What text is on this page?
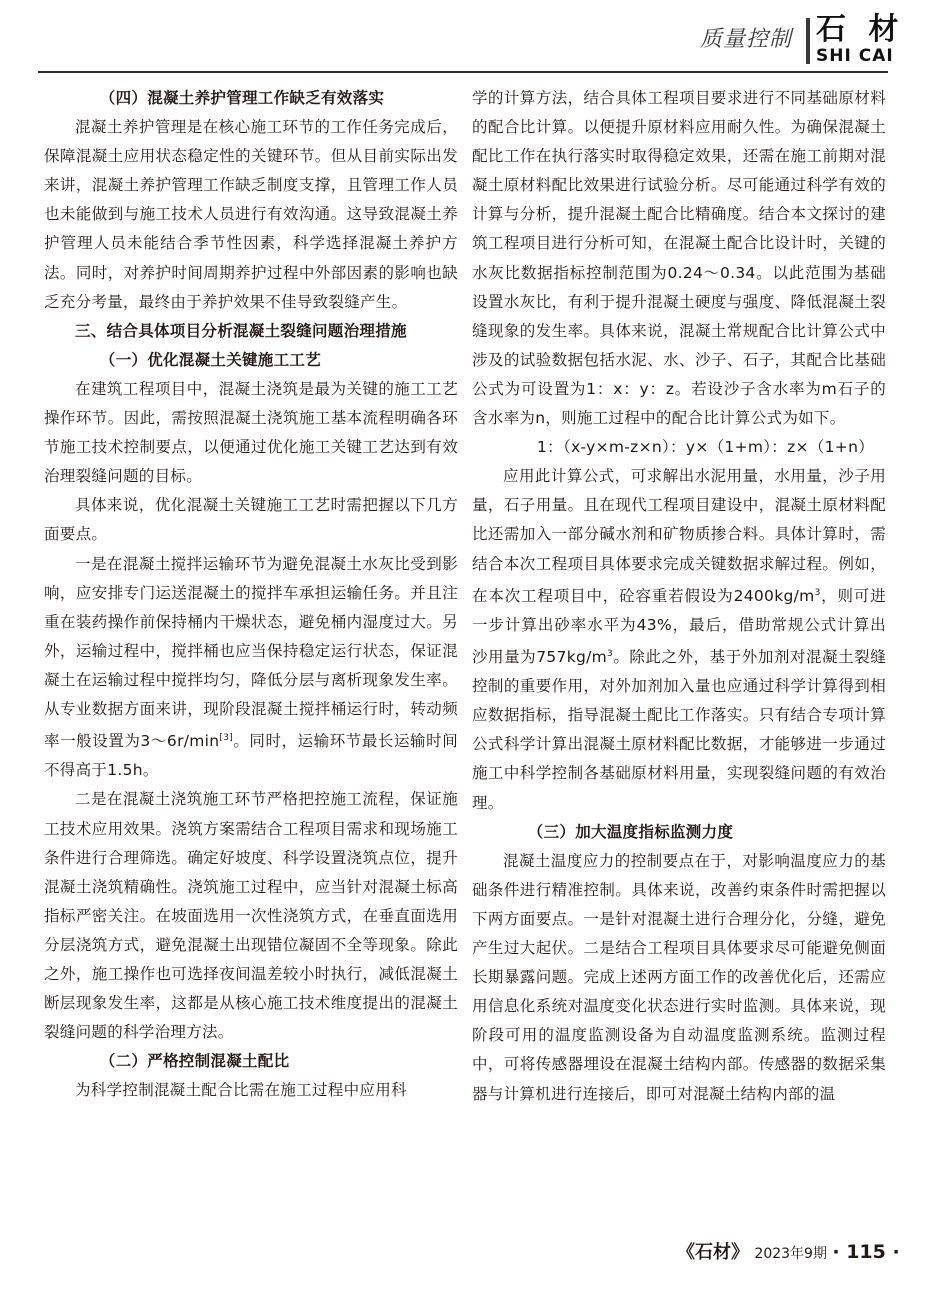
质量控制 石 材
SHI CAI

（四）混凝土养护管理工作缺乏有效落实

混凝土养护管理是在核心施工环节的工作任务完成后，保障混凝土应用状态稳定性的关键环节。但从目前实际出发来讲，混凝土养护管理工作缺乏制度支撑，且管理工作人员也未能做到与施工技术人员进行有效沟通。这导致混凝土养护管理人员未能结合季节性因素，科学选择混凝土养护方法。同时，对养护时间周期养护过程中外部因素的影响也缺乏充分考量，最终由于养护效果不佳导致裂缝产生。

三、结合具体项目分析混凝土裂缝问题治理措施

（一）优化混凝土关键施工工艺

在建筑工程项目中，混凝土浇筑是最为关键的施工工艺操作环节。因此，需按照混凝土浇筑施工基本流程明确各环节施工技术控制要点，以便通过优化施工关键工艺达到有效治理裂缝问题的目标。

具体来说，优化混凝土关键施工工艺时需把握以下几方面要点。

一是在混凝土搅拌运输环节为避免混凝土水灰比受到影响，应安排专门运送混凝土的搅拌车承担运输任务。并且注重在装药操作前保持桶内干燥状态，避免桶内湿度过大。另外，运输过程中，搅拌桶也应当保持稳定运行状态，保证混凝土在运输过程中搅拌均匀，降低分层与离析现象发生率。从专业数据方面来讲，现阶段混凝土搅拌桶运行时，转动频率一般设置为3～6r/min[3]。同时，运输环节最长运输时间不得高于1.5h。

二是在混凝土浇筑施工环节严格把控施工流程，保证施工技术应用效果。浇筑方案需结合工程项目需求和现场施工条件进行合理筛选。确定好坡度、科学设置浇筑点位，提升混凝土浇筑精确性。浇筑施工过程中，应当针对混凝土标高指标严密关注。在坡面选用一次性浇筑方式，在垂直面选用分层浇筑方式，避免混凝土出现错位凝固不全等现象。除此之外，施工操作也可选择夜间温差较小时执行，减低混凝土断层现象发生率，这都是从核心施工技术维度提出的混凝土裂缝问题的科学治理方法。

（二）严格控制混凝土配比

为科学控制混凝土配合比需在施工过程中应用科

学的计算方法，结合具体工程项目要求进行不同基础原材料的配合比计算。以便提升原材料应用耐久性。为确保混凝土配比工作在执行落实时取得稳定效果，还需在施工前期对混凝土原材料配比效果进行试验分析。尽可能通过科学有效的计算与分析，提升混凝土配合比精确度。结合本文探讨的建筑工程项目进行分析可知，在混凝土配合比设计时，关键的水灰比数据指标控制范围为0.24～0.34。以此范围为基础设置水灰比，有利于提升混凝土硬度与强度、降低混凝土裂缝现象的发生率。具体来说，混凝土常规配合比计算公式中涉及的试验数据包括水泥、水、沙子、石子，其配合比基础公式为可设置为1：x：y：z。若设沙子含水率为m石子的含水率为n，则施工过程中的配合比计算公式为如下。

1：（x-y×m-z×n）：y×（1+m）：z×（1+n）

应用此计算公式，可求解出水泥用量，水用量，沙子用量，石子用量。且在现代工程项目建设中，混凝土原材料配比还需加入一部分碱水剂和矿物质掺合料。具体计算时，需结合本次工程项目具体要求完成关键数据求解过程。例如，在本次工程项目中，砼容重若假设为$2400kg/m^3$，则可进一步计算出砂率水平为43%，最后，借助常规公式计算出沙用量为$757kg/m^3$。除此之外，基于外加剂对混凝土裂缝控制的重要作用，对外加剂加入量也应通过科学计算得到相应数据指标，指导混凝土配比工作落实。只有结合专项计算公式科学计算出混凝土原材料配比数据，才能够进一步通过施工中科学控制各基础原材料用量，实现裂缝问题的有效治理。

（三）加大温度指标监测力度

混凝土温度应力的控制要点在于，对影响温度应力的基础条件进行精准控制。具体来说，改善约束条件时需把握以下两方面要点。一是针对混凝土进行合理分化，分缝，避免产生过大起伏。二是结合工程项目具体要求尽可能避免侧面长期暴露问题。完成上述两方面工作的改善优化后，还需应用信息化系统对温度变化状态进行实时监测。具体来说，现阶段可用的温度监测设备为自动温度监测系统。监测过程中，可将传感器埋设在混凝土结构内部。传感器的数据采集器与计算机进行连接后，即可对混凝土结构内部的温

《石材》 2023年9期 · 115 ·
